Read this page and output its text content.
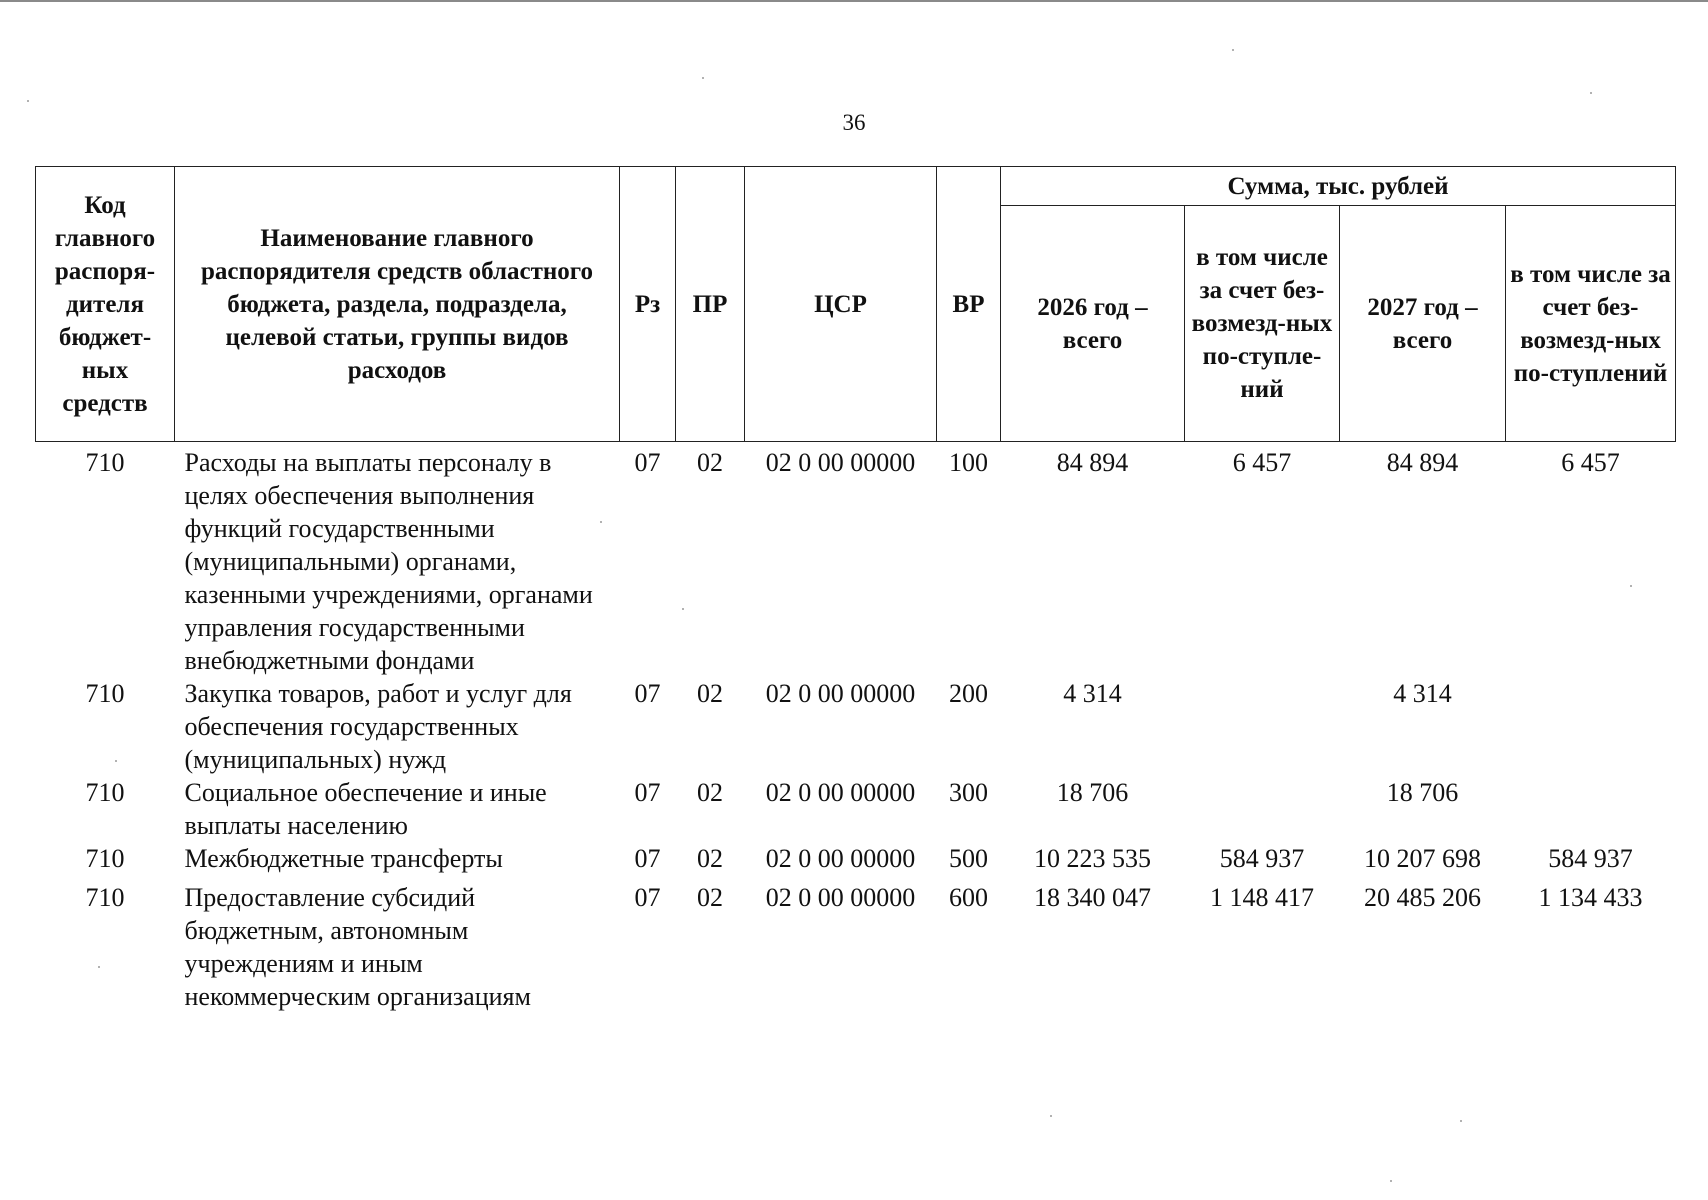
36
Код главного распоря-дителя бюджет-ных средств	Наименование главного распорядителя средств областного бюджета, раздела, подраздела, целевой статьи, группы видов расходов	Рз	ПР	ЦСР	ВР	Сумма, тыс. рублей			
						2026 год – всего	в том числе за счет без-возмезд-ных по-ступле-ний	2027 год – всего	в том числе за счет без-возмезд-ных по-ступлений
710	Расходы на выплаты персоналу в целях обеспечения выполнения функций государственными (муниципальными) органами, казенными учреждениями, органами управления государственными внебюджетными фондами	07	02	02 0 00 00000	100	84 894	6 457	84 894	6 457
710	Закупка товаров, работ и услуг для обеспечения государственных (муниципальных) нужд	07	02	02 0 00 00000	200	4 314		4 314	
710	Социальное обеспечение и иные выплаты населению	07	02	02 0 00 00000	300	18 706		18 706	
710	Межбюджетные трансферты	07	02	02 0 00 00000	500	10 223 535	584 937	10 207 698	584 937
710	Предоставление субсидий бюджетным, автономным учреждениям и иным некоммерческим организациям	07	02	02 0 00 00000	600	18 340 047	1 148 417	20 485 206	1 134 433
